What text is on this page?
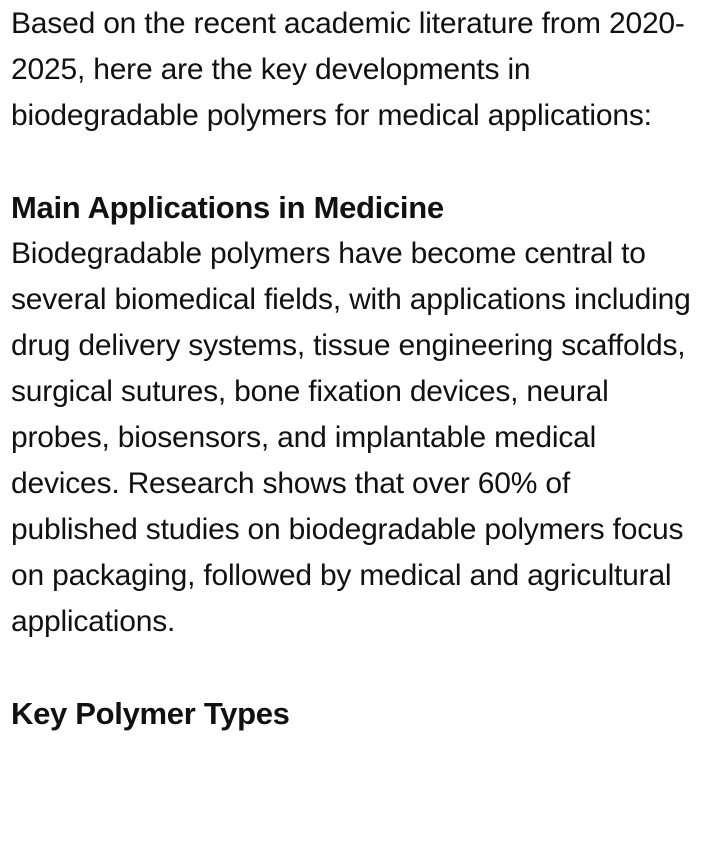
Based on the recent academic literature from 2020-2025, here are the key developments in biodegradable polymers for medical applications:

Main Applications in Medicine

Biodegradable polymers have become central to several biomedical fields, with applications including drug delivery systems, tissue engineering scaffolds, surgical sutures, bone fixation devices, neural probes, biosensors, and implantable medical devices. Research shows that over 60% of published studies on biodegradable polymers focus on packaging, followed by medical and agricultural applications.

Key Polymer Types
